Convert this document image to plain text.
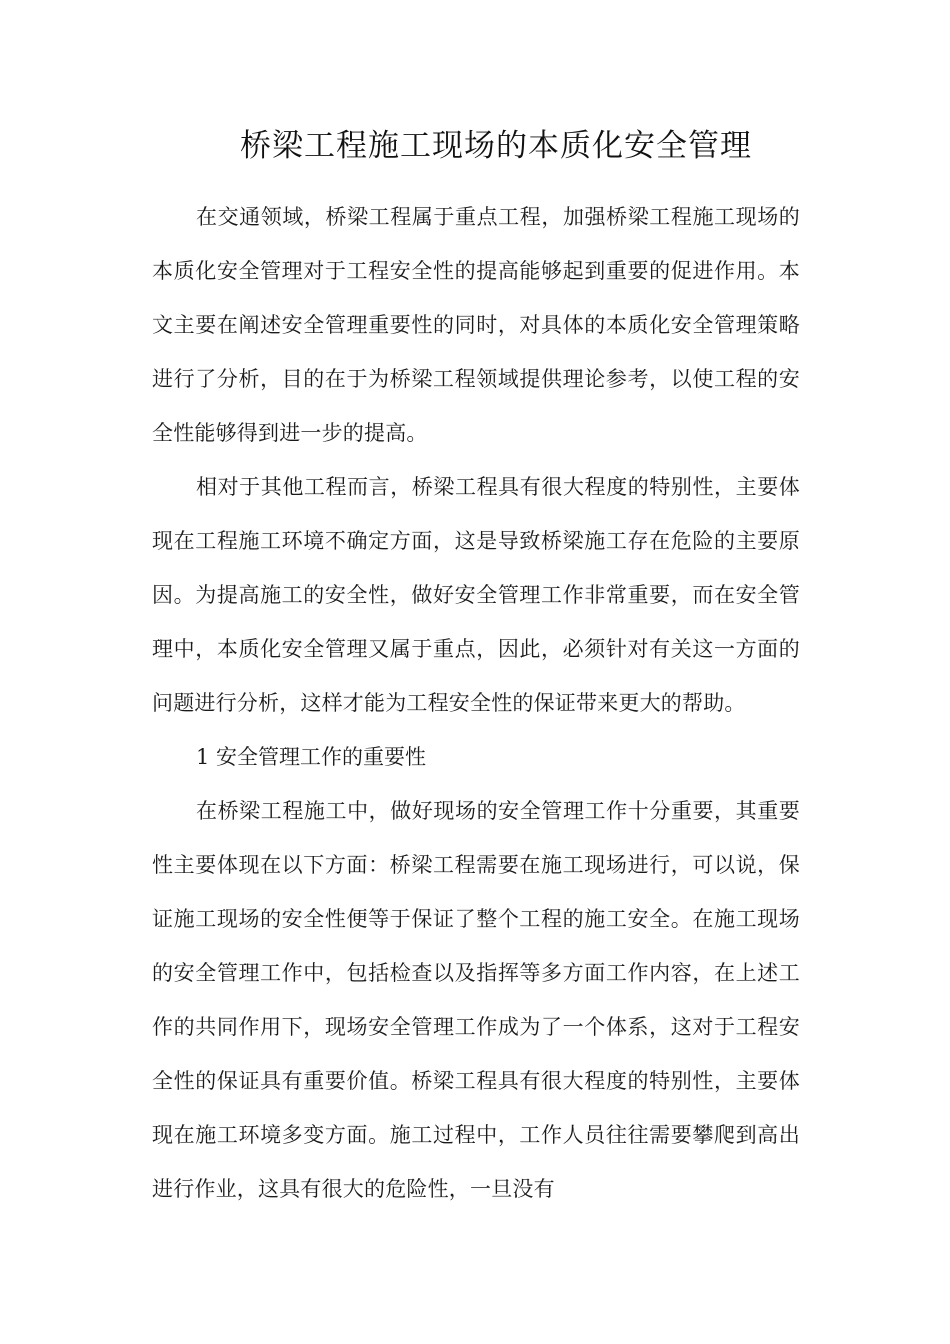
桥梁工程施工现场的本质化安全管理

在交通领域，桥梁工程属于重点工程，加强桥梁工程施工现场的本质化安全管理对于工程安全性的提高能够起到重要的促进作用。本文主要在阐述安全管理重要性的同时，对具体的本质化安全管理策略进行了分析，目的在于为桥梁工程领域提供理论参考，以使工程的安全性能够得到进一步的提高。

相对于其他工程而言，桥梁工程具有很大程度的特别性，主要体现在工程施工环境不确定方面，这是导致桥梁施工存在危险的主要原因。为提高施工的安全性，做好安全管理工作非常重要，而在安全管理中，本质化安全管理又属于重点，因此，必须针对有关这一方面的问题进行分析，这样才能为工程安全性的保证带来更大的帮助。

1 安全管理工作的重要性

在桥梁工程施工中，做好现场的安全管理工作十分重要，其重要性主要体现在以下方面：桥梁工程需要在施工现场进行，可以说，保证施工现场的安全性便等于保证了整个工程的施工安全。在施工现场的安全管理工作中，包括检查以及指挥等多方面工作内容，在上述工作的共同作用下，现场安全管理工作成为了一个体系，这对于工程安全性的保证具有重要价值。桥梁工程具有很大程度的特别性，主要体现在施工环境多变方面。施工过程中，工作人员往往需要攀爬到高出进行作业，这具有很大的危险性，一旦没有
